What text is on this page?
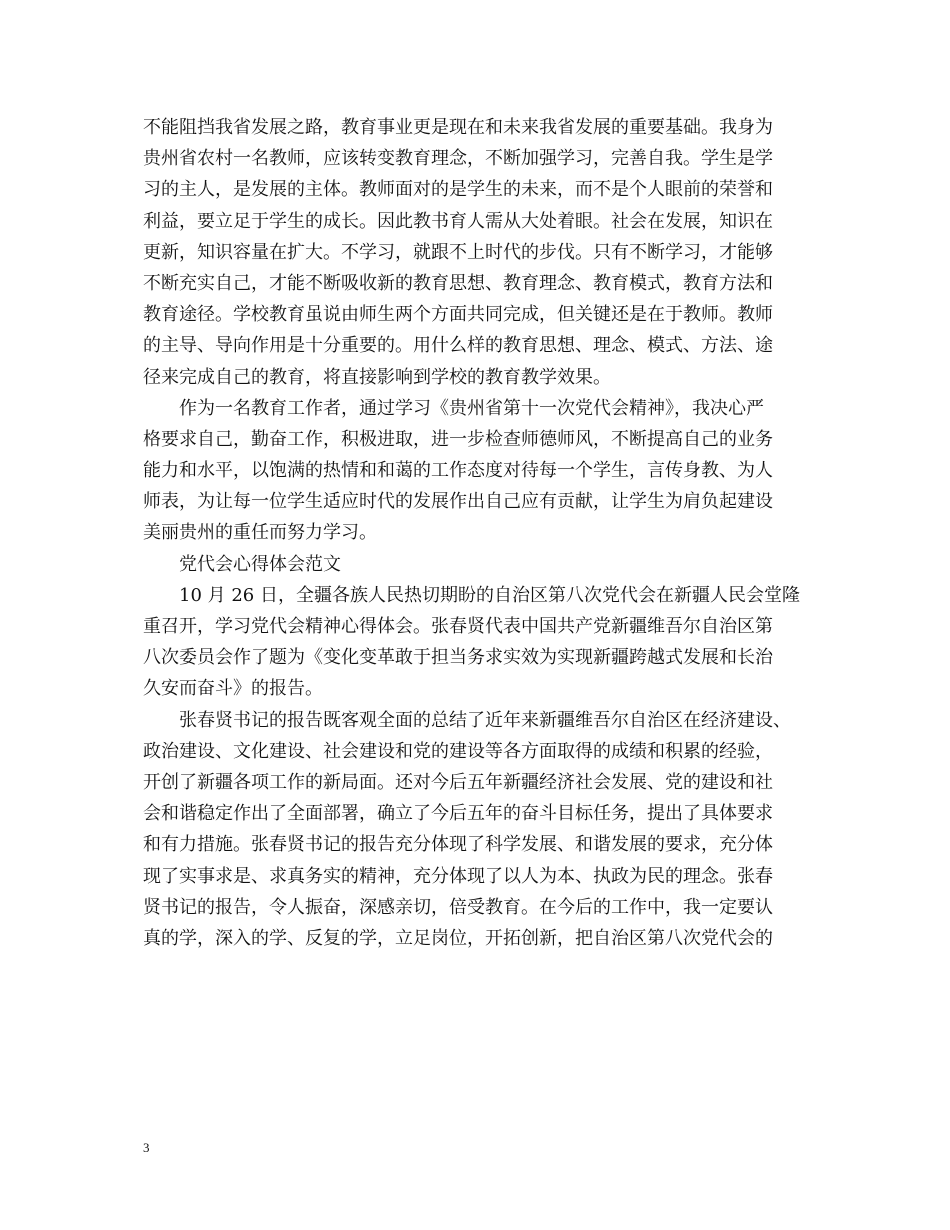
不能阻挡我省发展之路，教育事业更是现在和未来我省发展的重要基础。我身为
贵州省农村一名教师，应该转变教育理念，不断加强学习，完善自我。学生是学
习的主人，是发展的主体。教师面对的是学生的未来，而不是个人眼前的荣誉和
利益，要立足于学生的成长。因此教书育人需从大处着眼。社会在发展，知识在
更新，知识容量在扩大。不学习，就跟不上时代的步伐。只有不断学习，才能够
不断充实自己，才能不断吸收新的教育思想、教育理念、教育模式，教育方法和
教育途径。学校教育虽说由师生两个方面共同完成，但关键还是在于教师。教师
的主导、导向作用是十分重要的。用什么样的教育思想、理念、模式、方法、途
径来完成自己的教育，将直接影响到学校的教育教学效果。
作为一名教育工作者，通过学习《贵州省第十一次党代会精神》，我决心严
格要求自己，勤奋工作，积极进取，进一步检查师德师风，不断提高自己的业务
能力和水平，以饱满的热情和和蔼的工作态度对待每一个学生，言传身教、为人
师表，为让每一位学生适应时代的发展作出自己应有贡献，让学生为肩负起建设
美丽贵州的重任而努力学习。
党代会心得体会范文
10 月 26 日，全疆各族人民热切期盼的自治区第八次党代会在新疆人民会堂隆
重召开，学习党代会精神心得体会。张春贤代表中国共产党新疆维吾尔自治区第
八次委员会作了题为《变化变革敢于担当务求实效为实现新疆跨越式发展和长治
久安而奋斗》的报告。
张春贤书记的报告既客观全面的总结了近年来新疆维吾尔自治区在经济建设、
政治建设、文化建设、社会建设和党的建设等各方面取得的成绩和积累的经验，
开创了新疆各项工作的新局面。还对今后五年新疆经济社会发展、党的建设和社
会和谐稳定作出了全面部署，确立了今后五年的奋斗目标任务，提出了具体要求
和有力措施。张春贤书记的报告充分体现了科学发展、和谐发展的要求，充分体
现了实事求是、求真务实的精神，充分体现了以人为本、执政为民的理念。张春
贤书记的报告，令人振奋，深感亲切，倍受教育。在今后的工作中，我一定要认
真的学，深入的学、反复的学，立足岗位，开拓创新，把自治区第八次党代会的
3
